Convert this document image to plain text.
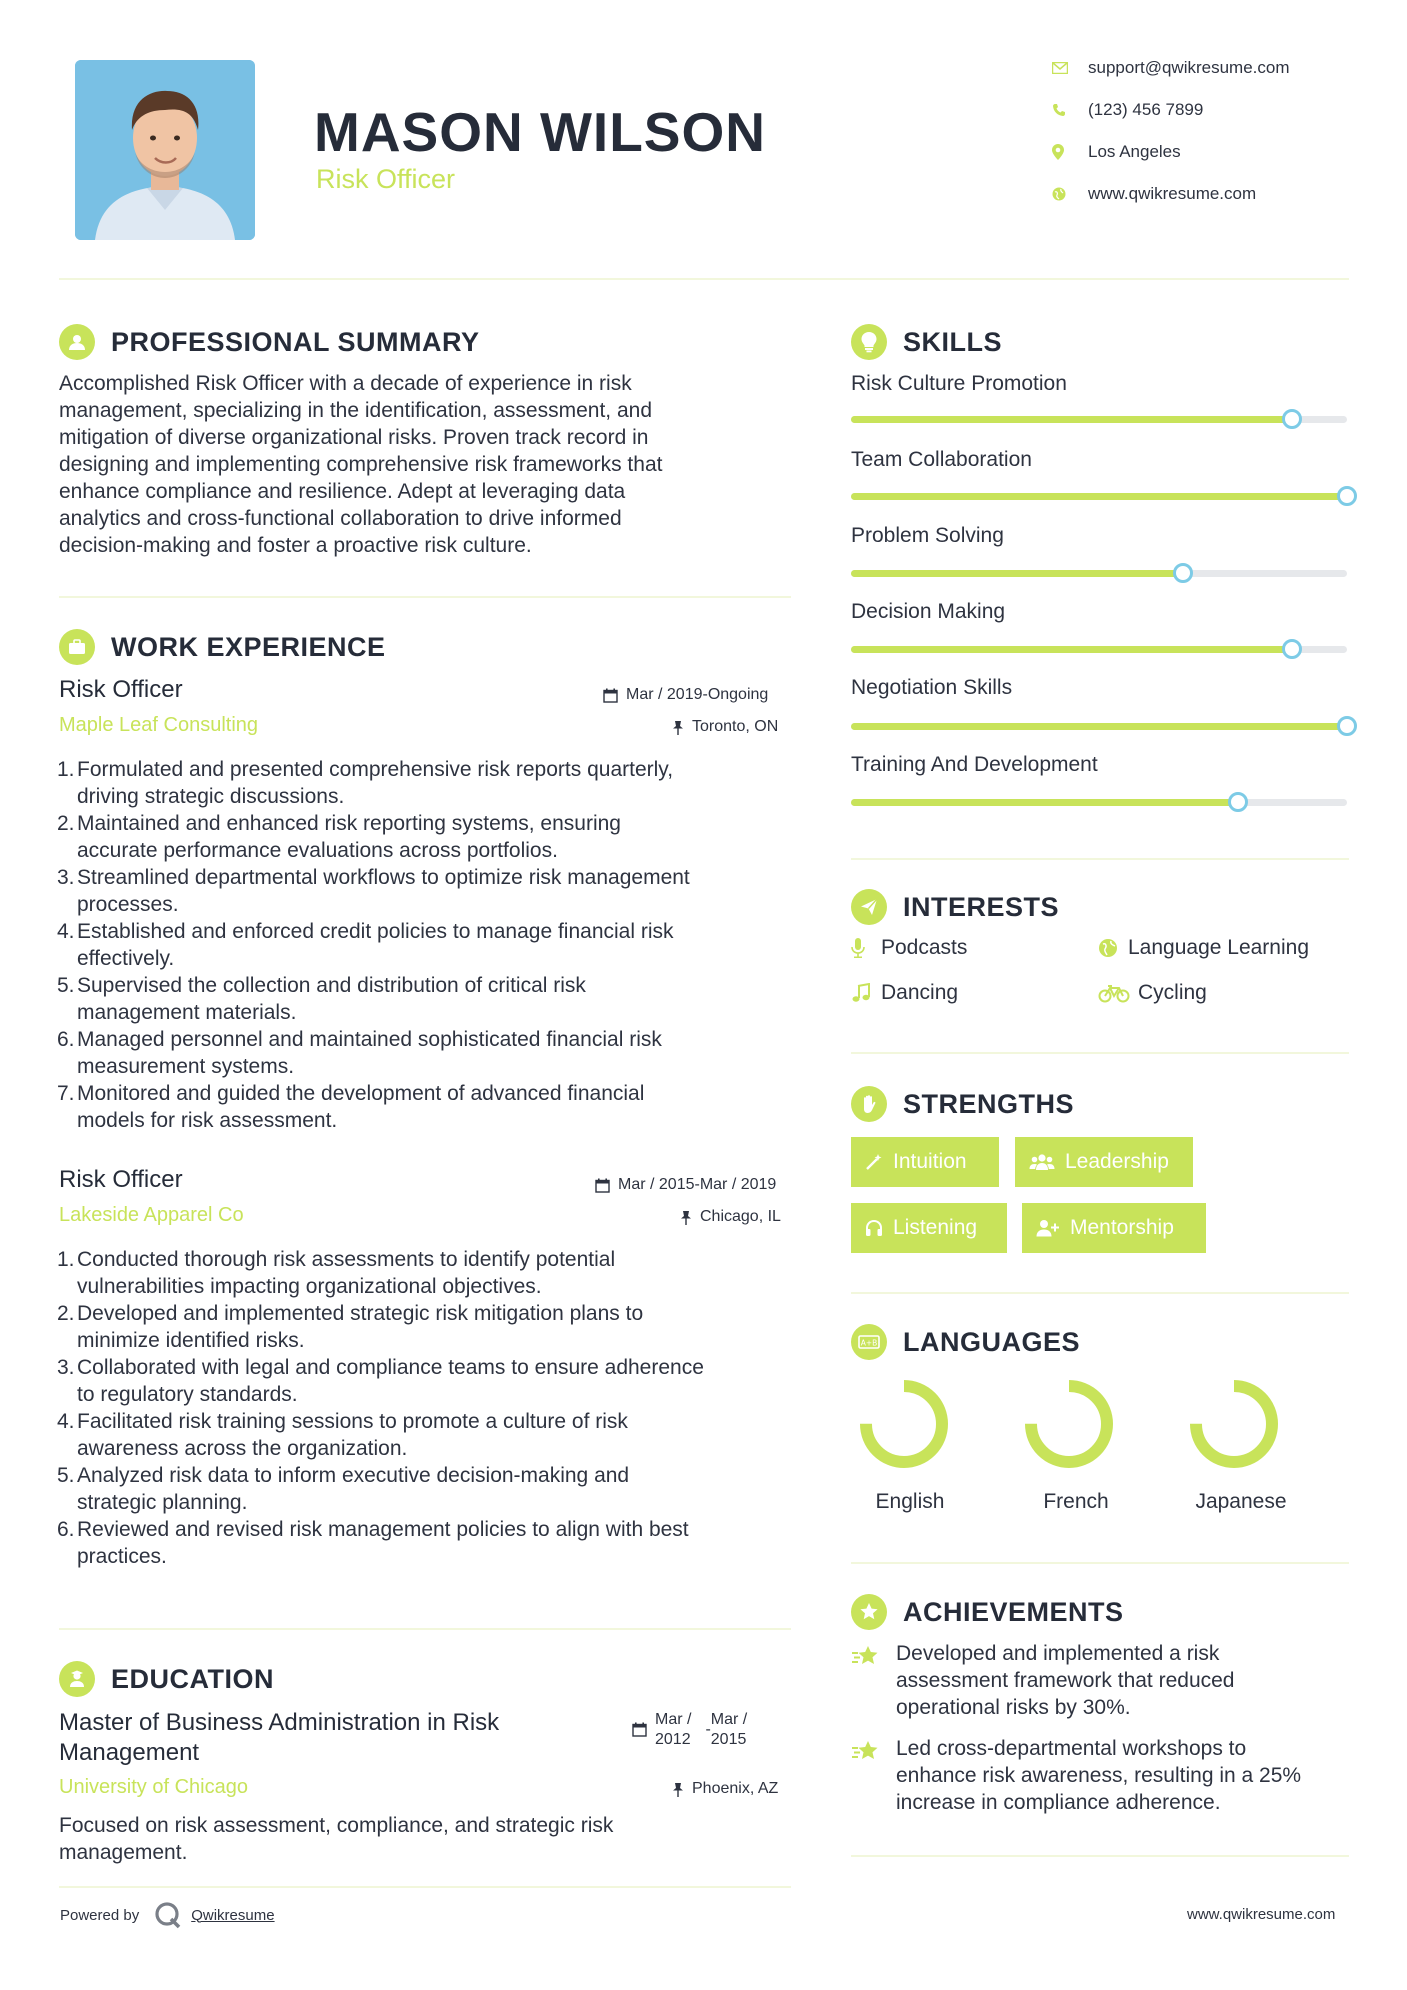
MASON WILSON
Risk Officer
support@qwikresume.com
(123) 456 7899
Los Angeles
www.qwikresume.com
PROFESSIONAL SUMMARY
Accomplished Risk Officer with a decade of experience in risk
management, specializing in the identification, assessment, and
mitigation of diverse organizational risks. Proven track record in
designing and implementing comprehensive risk frameworks that
enhance compliance and resilience. Adept at leveraging data
analytics and cross-functional collaboration to drive informed
decision-making and foster a proactive risk culture.
WORK EXPERIENCE
Risk Officer	Mar / 2019-Ongoing
Maple Leaf Consulting	Toronto, ON
1. Formulated and presented comprehensive risk reports quarterly,
driving strategic discussions.
2. Maintained and enhanced risk reporting systems, ensuring
accurate performance evaluations across portfolios.
3. Streamlined departmental workflows to optimize risk management
processes.
4. Established and enforced credit policies to manage financial risk
effectively.
5. Supervised the collection and distribution of critical risk
management materials.
6. Managed personnel and maintained sophisticated financial risk
measurement systems.
7. Monitored and guided the development of advanced financial
models for risk assessment.
Risk Officer	Mar / 2015-Mar / 2019
Lakeside Apparel Co	Chicago, IL
1. Conducted thorough risk assessments to identify potential
vulnerabilities impacting organizational objectives.
2. Developed and implemented strategic risk mitigation plans to
minimize identified risks.
3. Collaborated with legal and compliance teams to ensure adherence
to regulatory standards.
4. Facilitated risk training sessions to promote a culture of risk
awareness across the organization.
5. Analyzed risk data to inform executive decision-making and
strategic planning.
6. Reviewed and revised risk management policies to align with best
practices.
EDUCATION
Master of Business Administration in Risk
Management
Mar /
2012
-
Mar /
2015
University of Chicago	Phoenix, AZ
Focused on risk assessment, compliance, and strategic risk
management.
SKILLS
Risk Culture Promotion
Team Collaboration
Problem Solving
Decision Making
Negotiation Skills
Training And Development
INTERESTS
Podcasts	Language Learning
Dancing	Cycling
STRENGTHS
Intuition	Leadership
Listening	Mentorship
A+B LANGUAGES
English	French	Japanese
ACHIEVEMENTS
Developed and implemented a risk
assessment framework that reduced
operational risks by 30%.
Led cross-departmental workshops to
enhance risk awareness, resulting in a 25%
increase in compliance adherence.
Powered by	Qwikresume	www.qwikresume.com
